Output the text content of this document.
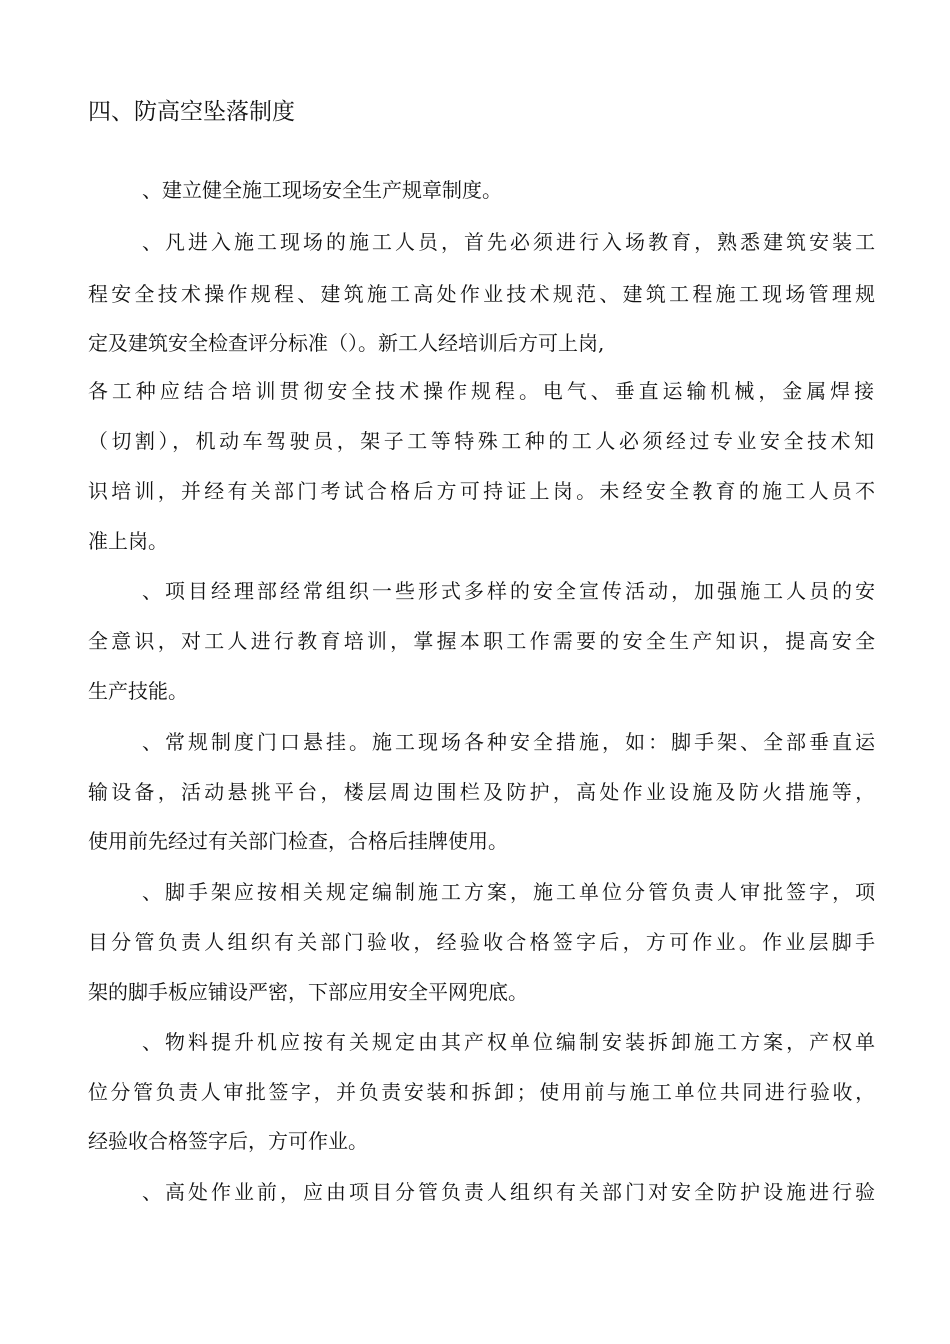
四、防高空坠落制度
、建立健全施工现场安全生产规章制度。
、凡进入施工现场的施工人员，首先必须进行入场教育，熟悉建筑安装工
程安全技术操作规程、建筑施工高处作业技术规范、建筑工程施工现场管理规
定及建筑安全检查评分标准（）。新工人经培训后方可上岗,
各工种应结合培训贯彻安全技术操作规程。电气、垂直运输机械，金属焊接
（切割），机动车驾驶员，架子工等特殊工种的工人必须经过专业安全技术知
识培训，并经有关部门考试合格后方可持证上岗。未经安全教育的施工人员不
准上岗。
、项目经理部经常组织一些形式多样的安全宣传活动，加强施工人员的安
全意识，对工人进行教育培训，掌握本职工作需要的安全生产知识，提高安全
生产技能。
、常规制度门口悬挂。施工现场各种安全措施，如：脚手架、全部垂直运
输设备，活动悬挑平台，楼层周边围栏及防护，高处作业设施及防火措施等，
使用前先经过有关部门检查，合格后挂牌使用。
、脚手架应按相关规定编制施工方案，施工单位分管负责人审批签字，项
目分管负责人组织有关部门验收，经验收合格签字后，方可作业。作业层脚手
架的脚手板应铺设严密，下部应用安全平网兜底。
、物料提升机应按有关规定由其产权单位编制安装拆卸施工方案，产权单
位分管负责人审批签字，并负责安装和拆卸；使用前与施工单位共同进行验收，
经验收合格签字后，方可作业。
、高处作业前，应由项目分管负责人组织有关部门对安全防护设施进行验
